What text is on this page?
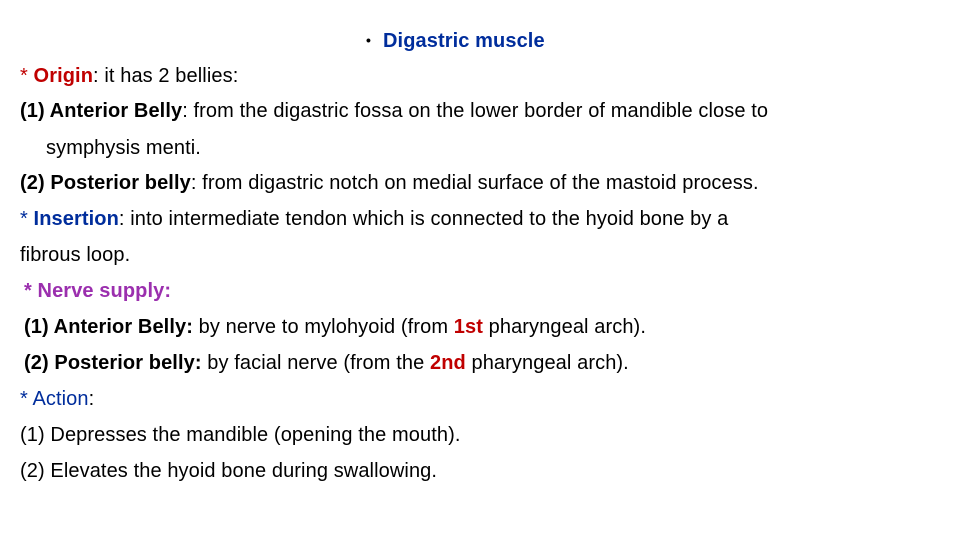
• Digastric muscle
* Origin: it has 2 bellies:
(1) Anterior Belly: from the digastric fossa on the lower border of mandible close to
symphysis menti.
(2) Posterior belly: from digastric notch on medial surface of the mastoid process.
* Insertion: into intermediate tendon which is connected to the hyoid bone by a
fibrous loop.
* Nerve supply:
(1) Anterior Belly: by nerve to mylohyoid (from 1st pharyngeal arch).
(2) Posterior belly: by facial nerve (from the 2nd pharyngeal arch).
* Action:
(1) Depresses the mandible (opening the mouth).
(2) Elevates the hyoid bone during swallowing.
